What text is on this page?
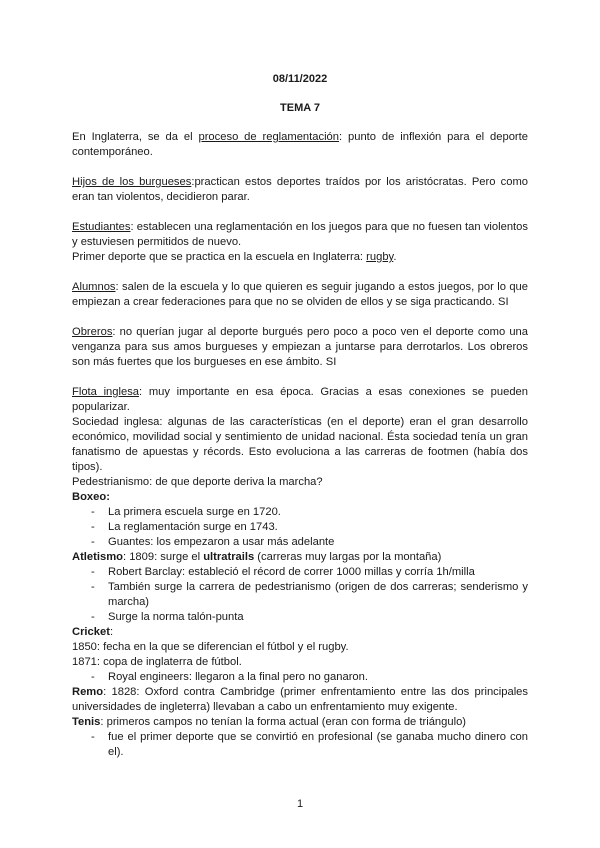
08/11/2022
TEMA 7

En Inglaterra, se da el proceso de reglamentación: punto de inflexión para el deporte contemporáneo.

Hijos de los burgueses:practican estos deportes traídos por los aristócratas. Pero como eran tan violentos, decidieron parar.

Estudiantes: establecen una reglamentación en los juegos para que no fuesen tan violentos y estuviesen permitidos de nuevo.

Primer deporte que se practica en la escuela en Inglaterra: rugby.

Alumnos: salen de la escuela y lo que quieren es seguir jugando a estos juegos, por lo que empiezan a crear federaciones para que no se olviden de ellos y se siga practicando. SI

Obreros: no querían jugar al deporte burgués pero poco a poco ven el deporte como una venganza para sus amos burgueses y empiezan a juntarse para derrotarlos. Los obreros son más fuertes que los burgueses en ese ámbito. SI

Flota inglesa: muy importante en esa época. Gracias a esas conexiones se pueden popularizar.

Sociedad inglesa: algunas de las características (en el deporte) eran el gran desarrollo económico, movilidad social y sentimiento de unidad nacional. Ésta sociedad tenía un gran fanatismo de apuestas y récords. Esto evoluciona a las carreras de footmen (había dos tipos).

Pedestrianismo: de que deporte deriva la marcha?

Boxeo:

- La primera escuela surge en 1720.
- La reglamentación surge en 1743.
- Guantes: los empezaron a usar más adelante

Atletismo: 1809: surge el ultratrails (carreras muy largas por la montaña)

- Robert Barclay: estableció el récord de correr 1000 millas y corría 1h/milla
- También surge la carrera de pedestrianismo (origen de dos carreras; senderismo y marcha)
- Surge la norma talón-punta

Cricket:

1850: fecha en la que se diferencian el fútbol y el rugby.

1871: copa de inglaterra de fútbol.

- Royal engineers: llegaron a la final pero no ganaron.

Remo: 1828: Oxford contra Cambridge (primer enfrentamiento entre las dos principales universidades de ingleterra) llevaban a cabo un enfrentamiento muy exigente.

Tenis: primeros campos no tenían la forma actual (eran con forma de triángulo)

- fue el primer deporte que se convirtió en profesional (se ganaba mucho dinero con el).
1
